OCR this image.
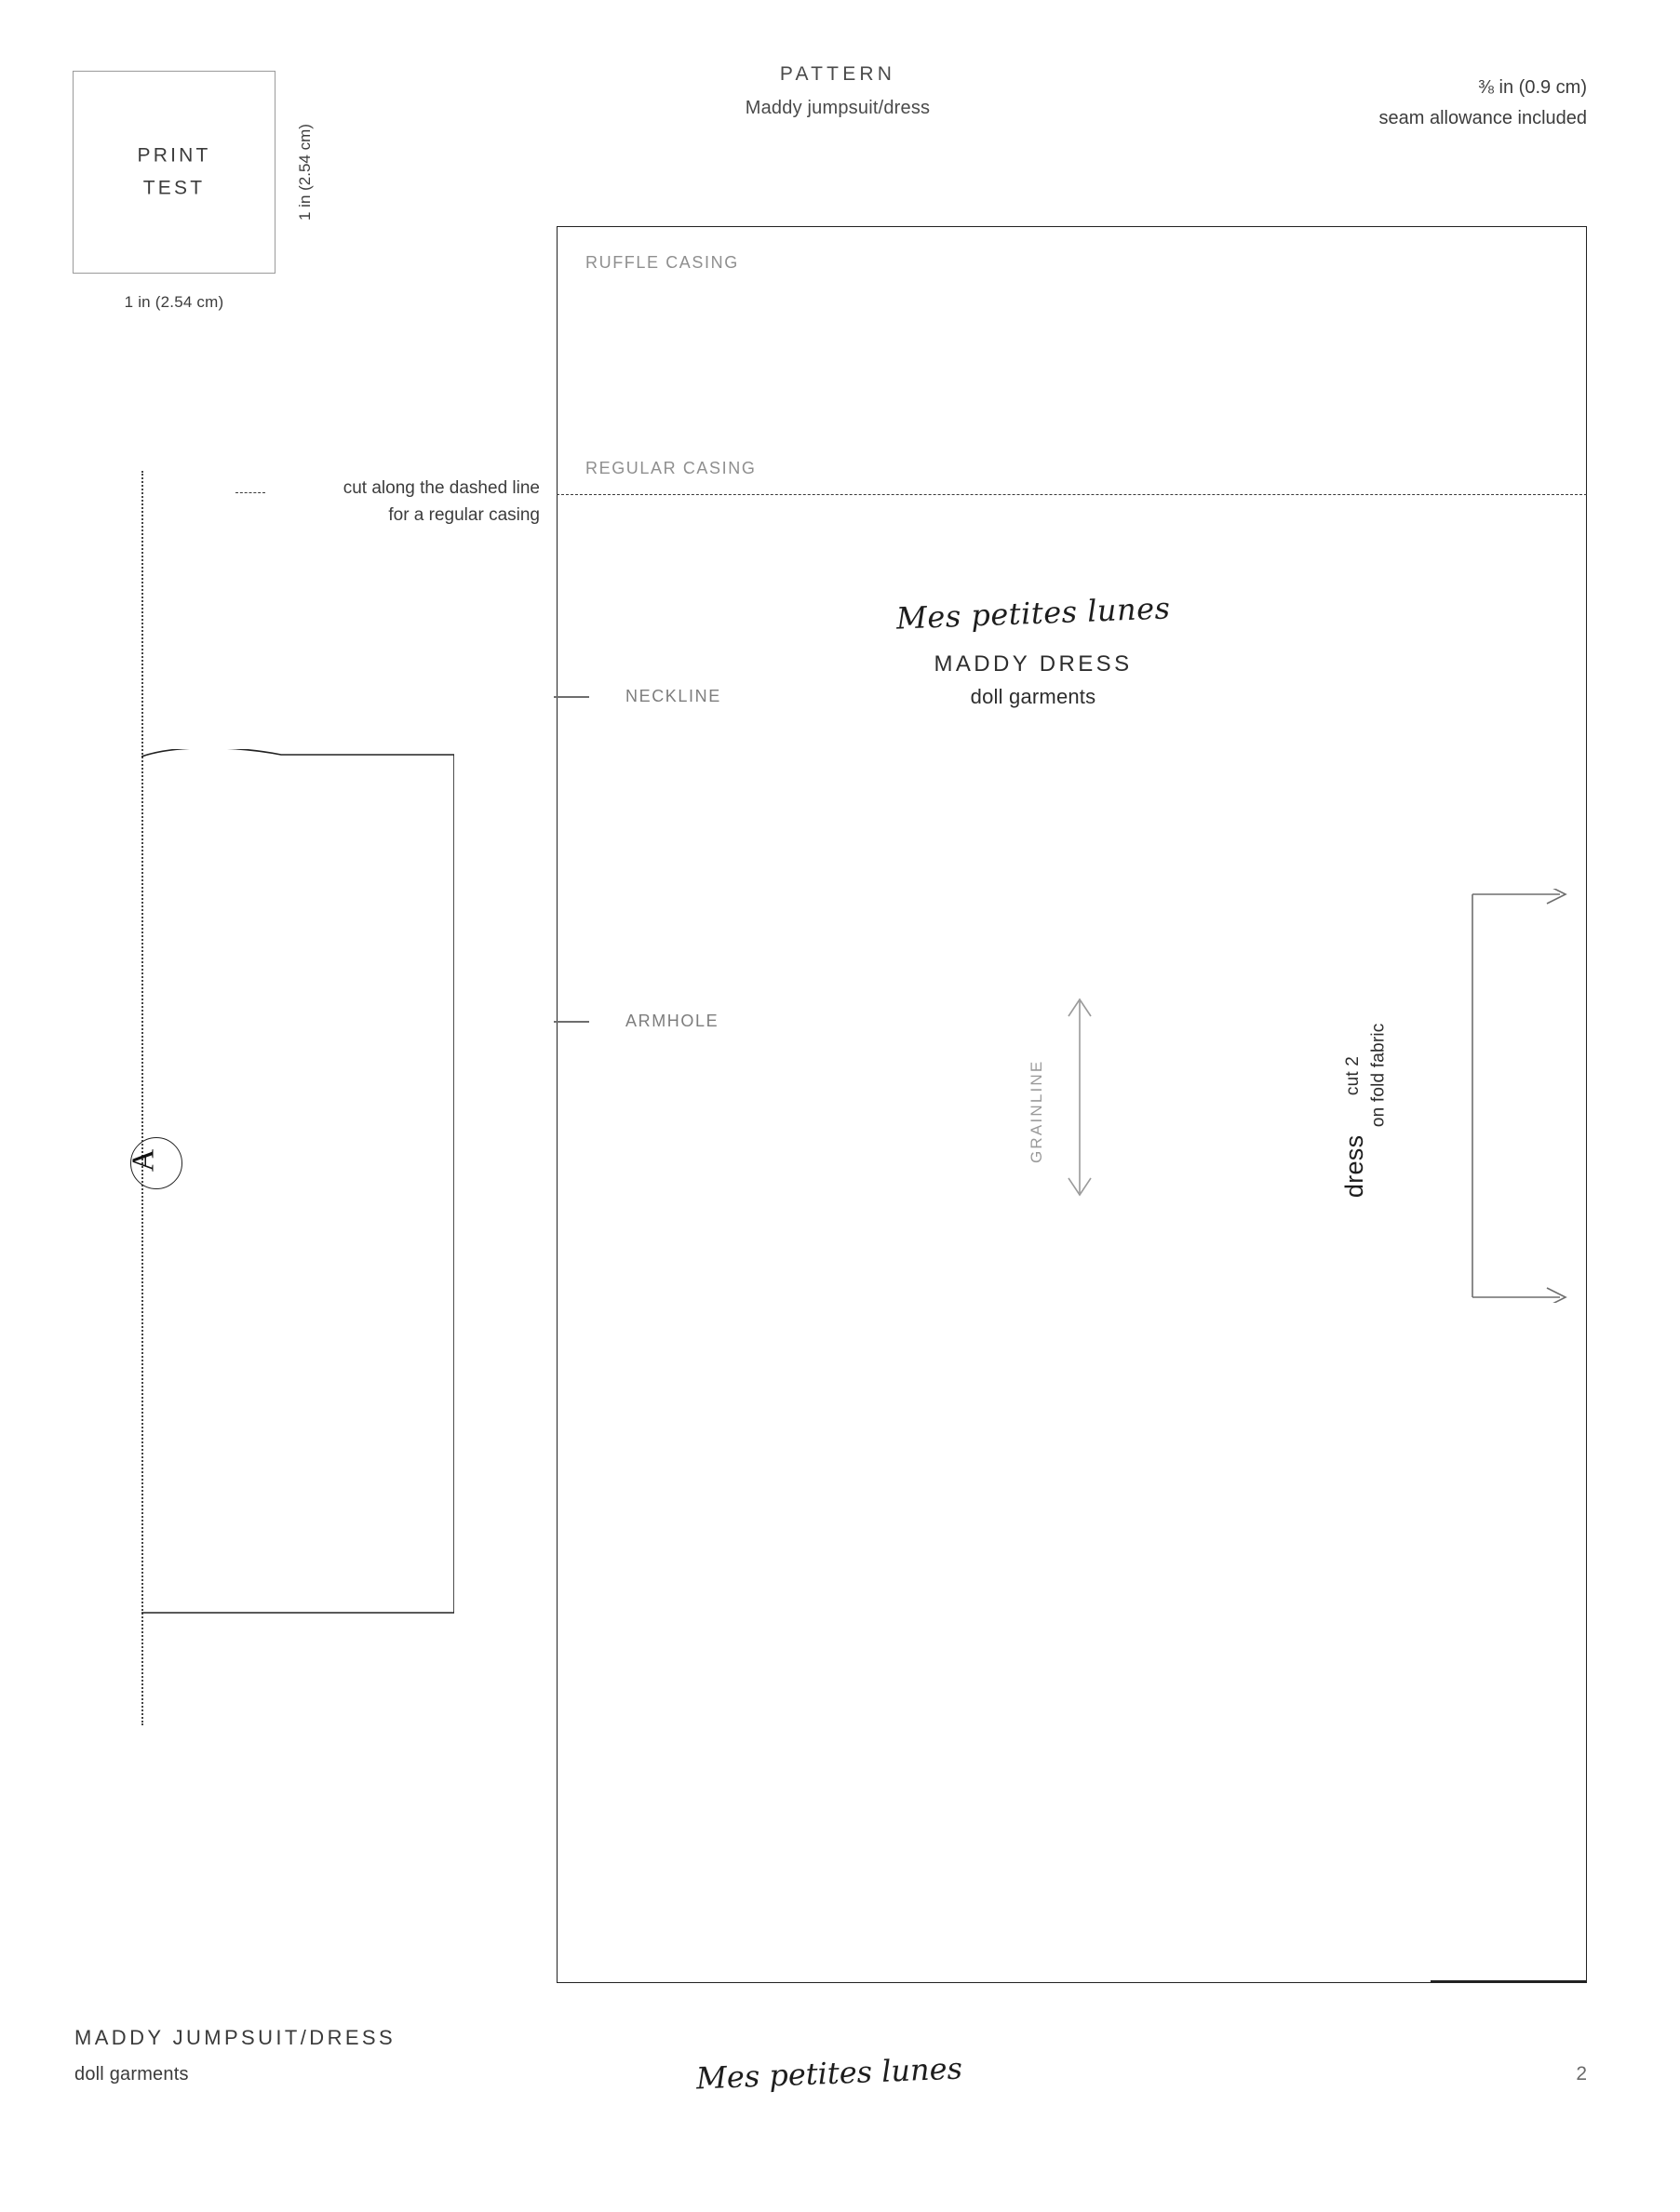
PRINT
TEST
1 in (2.54 cm)
1 in (2.54 cm)
PATTERN
Maddy jumpsuit/dress
⅜ in (0.9 cm)
seam allowance included
RUFFLE CASING
REGULAR CASING
cut along the dashed line
for a regular casing
Mes petites lunes
MADDY DRESS
doll garments
NECKLINE
ARMHOLE
GRAINLINE
dress
cut 2 on fold fabric
A
MADDY JUMPSUIT/DRESS
doll garments	Mes petites lunes	2
